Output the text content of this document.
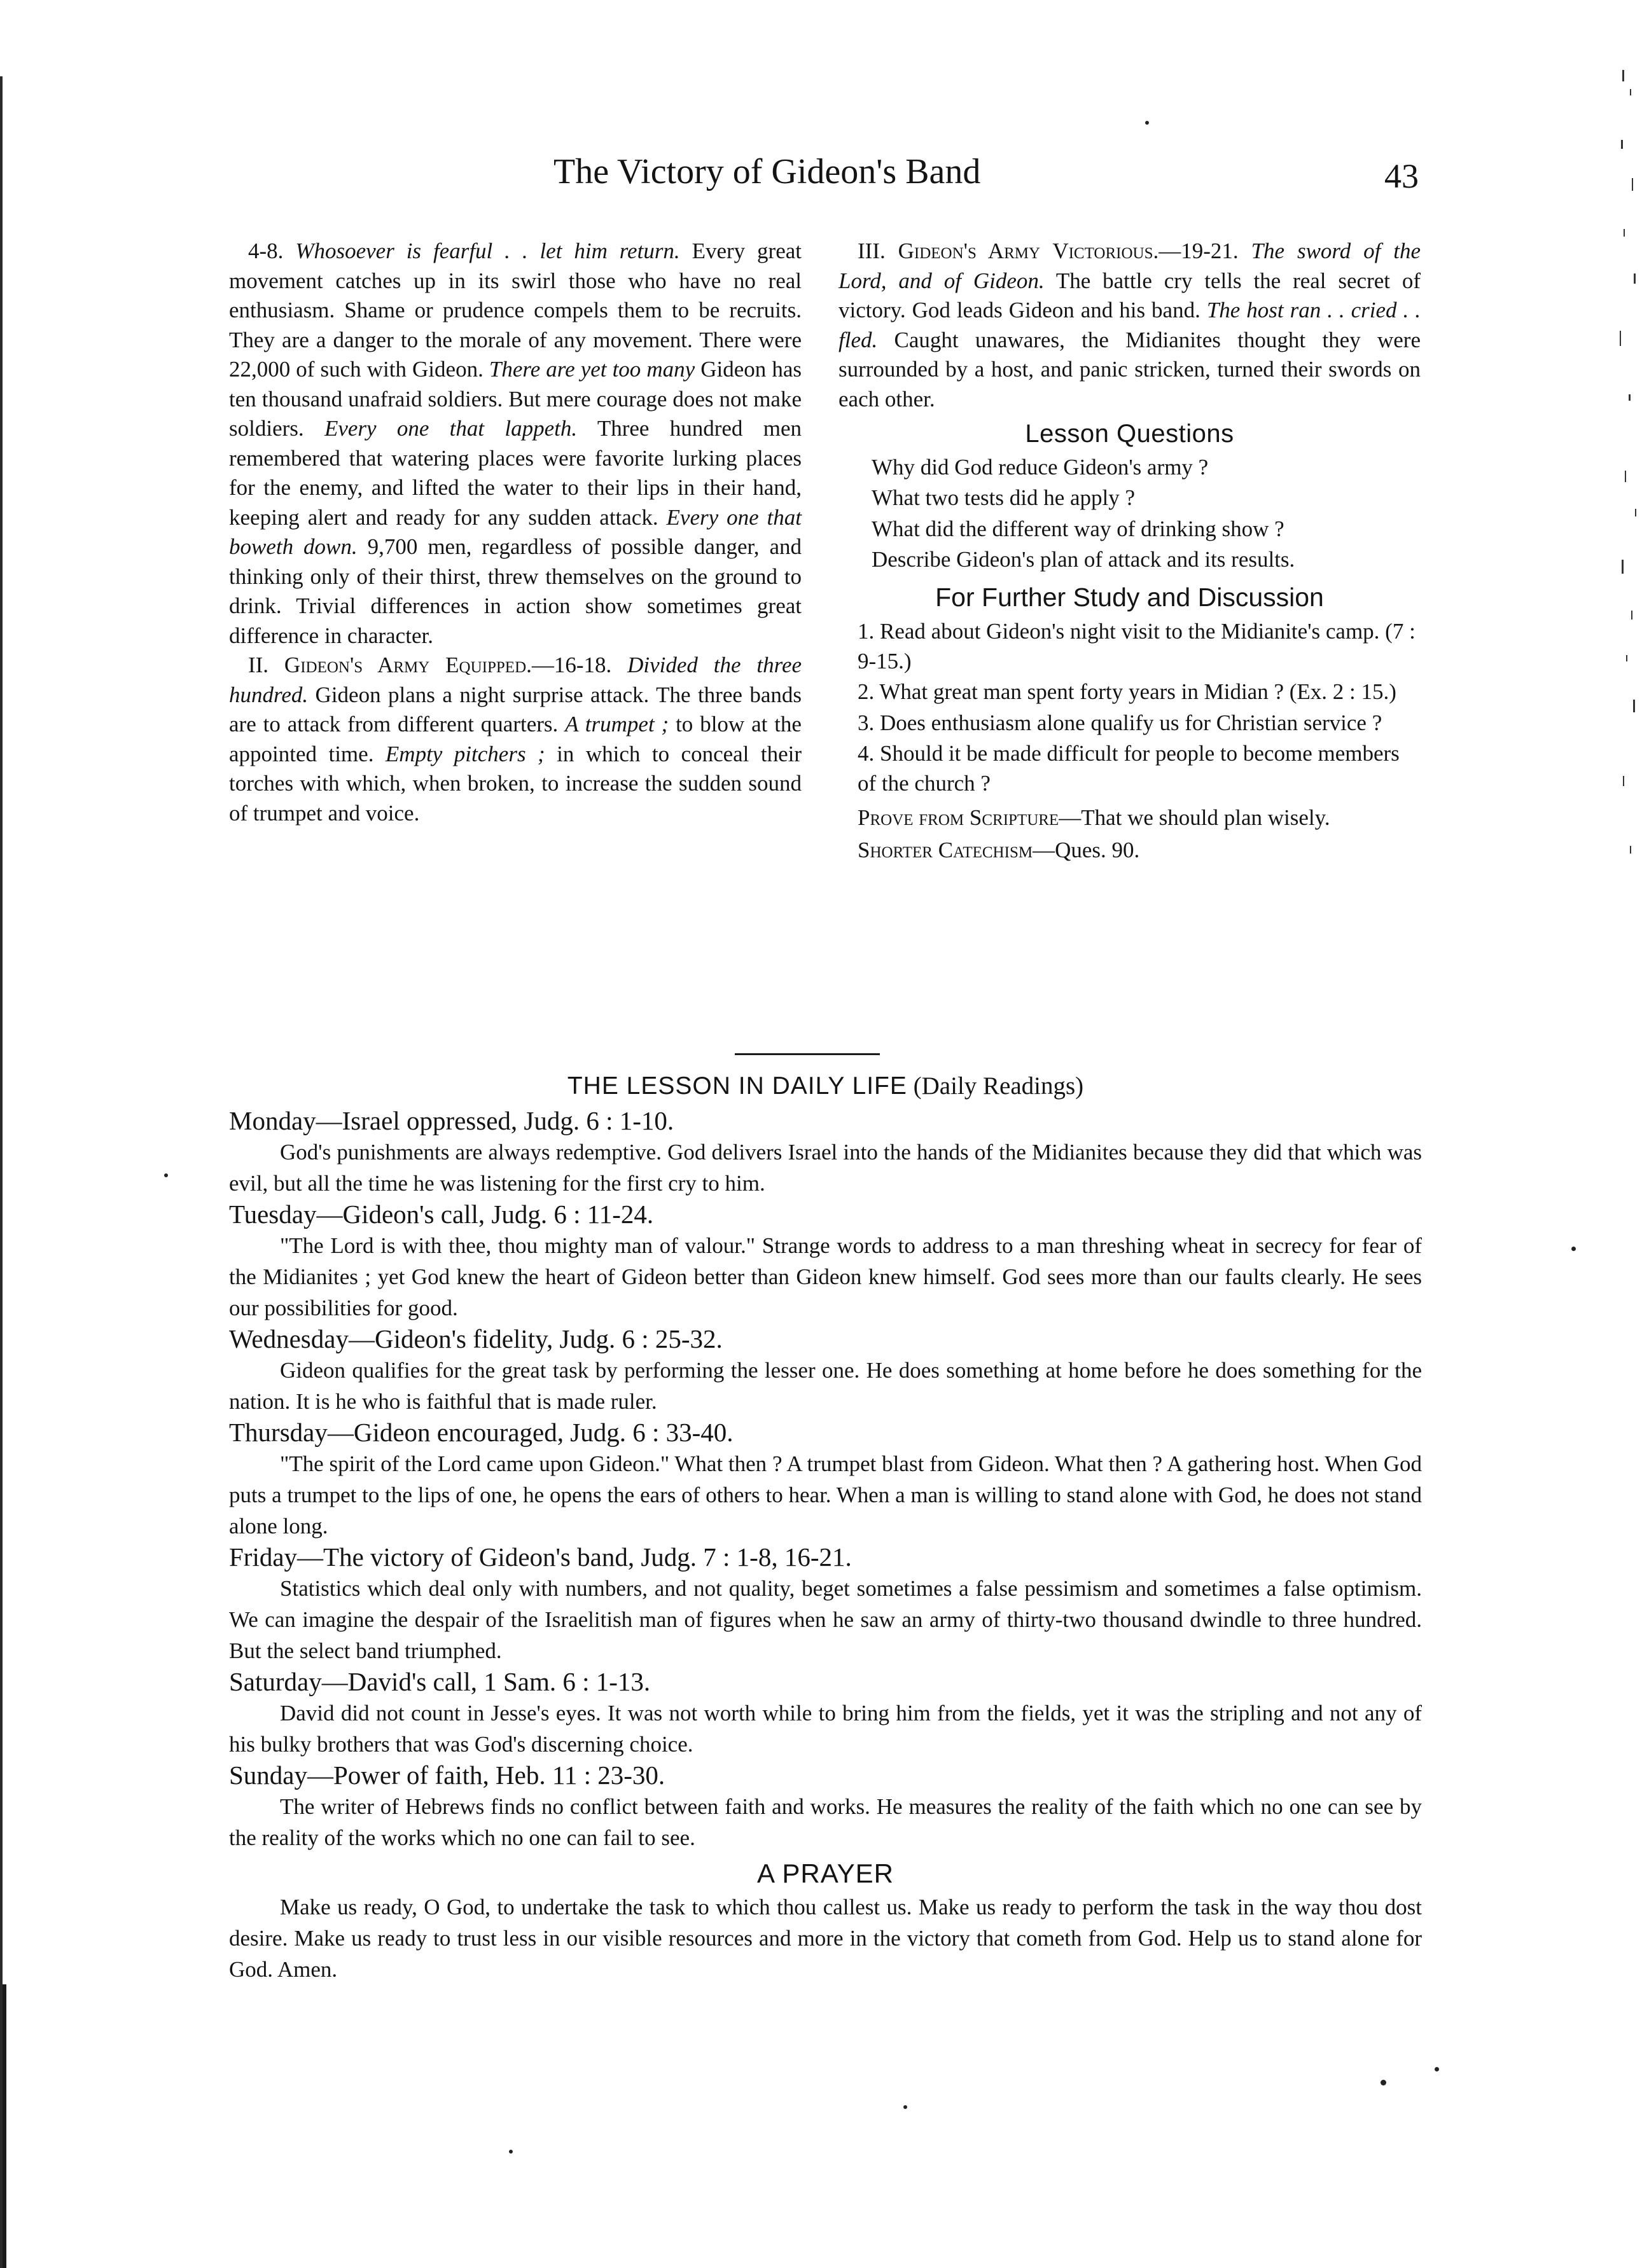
The Victory of Gideon's Band	43

4-8. Whosoever is fearful . . let him return. Every great movement catches up in its swirl those who have no real enthusiasm. Shame or prudence compels them to be recruits. They are a danger to the morale of any movement. There were 22,000 of such with Gideon. There are yet too many Gideon has ten thousand unafraid soldiers. But mere courage does not make soldiers. Every one that lappeth. Three hundred men remembered that watering places were favorite lurking places for the enemy, and lifted the water to their lips in their hand, keeping alert and ready for any sudden attack. Every one that boweth down. 9,700 men, regardless of possible danger, and thinking only of their thirst, threw themselves on the ground to drink. Trivial differences in action show sometimes great difference in character.

II. Gideon's Army Equipped.—16-18. Divided the three hundred. Gideon plans a night surprise attack. The three bands are to attack from different quarters. A trumpet ; to blow at the appointed time. Empty pitchers ; in which to conceal their torches with which, when broken, to increase the sudden sound of trumpet and voice.

III. Gideon's Army Victorious.—19-21. The sword of the Lord, and of Gideon. The battle cry tells the real secret of victory. God leads Gideon and his band. The host ran . . cried . . fled. Caught unawares, the Midianites thought they were surrounded by a host, and panic stricken, turned their swords on each other.

Lesson Questions

Why did God reduce Gideon's army ?

What two tests did he apply ?

What did the different way of drinking show ?

Describe Gideon's plan of attack and its results.

For Further Study and Discussion

1. Read about Gideon's night visit to the Midianite's camp. (7 : 9-15.)

2. What great man spent forty years in Midian ? (Ex. 2 : 15.)

3. Does enthusiasm alone qualify us for Christian service ?

4. Should it be made difficult for people to become members of the church ?

Prove from Scripture—That we should plan wisely.

Shorter Catechism—Ques. 90.

THE LESSON IN DAILY LIFE (Daily Readings)

Monday—Israel oppressed, Judg. 6 : 1-10.

God's punishments are always redemptive. God delivers Israel into the hands of the Midianites because they did that which was evil, but all the time he was listening for the first cry to him.

Tuesday—Gideon's call, Judg. 6 : 11-24.

"The Lord is with thee, thou mighty man of valour." Strange words to address to a man threshing wheat in secrecy for fear of the Midianites ; yet God knew the heart of Gideon better than Gideon knew himself. God sees more than our faults clearly. He sees our possibilities for good.

Wednesday—Gideon's fidelity, Judg. 6 : 25-32.

Gideon qualifies for the great task by performing the lesser one. He does something at home before he does something for the nation. It is he who is faithful that is made ruler.

Thursday—Gideon encouraged, Judg. 6 : 33-40.

"The spirit of the Lord came upon Gideon." What then ? A trumpet blast from Gideon. What then ? A gathering host. When God puts a trumpet to the lips of one, he opens the ears of others to hear. When a man is willing to stand alone with God, he does not stand alone long.

Friday—The victory of Gideon's band, Judg. 7 : 1-8, 16-21.

Statistics which deal only with numbers, and not quality, beget sometimes a false pessimism and sometimes a false optimism. We can imagine the despair of the Israelitish man of figures when he saw an army of thirty-two thousand dwindle to three hundred. But the select band triumphed.

Saturday—David's call, 1 Sam. 6 : 1-13.

David did not count in Jesse's eyes. It was not worth while to bring him from the fields, yet it was the stripling and not any of his bulky brothers that was God's discerning choice.

Sunday—Power of faith, Heb. 11 : 23-30.

The writer of Hebrews finds no conflict between faith and works. He measures the reality of the faith which no one can see by the reality of the works which no one can fail to see.

A PRAYER

Make us ready, O God, to undertake the task to which thou callest us. Make us ready to perform the task in the way thou dost desire. Make us ready to trust less in our visible resources and more in the victory that cometh from God. Help us to stand alone for God. Amen.
